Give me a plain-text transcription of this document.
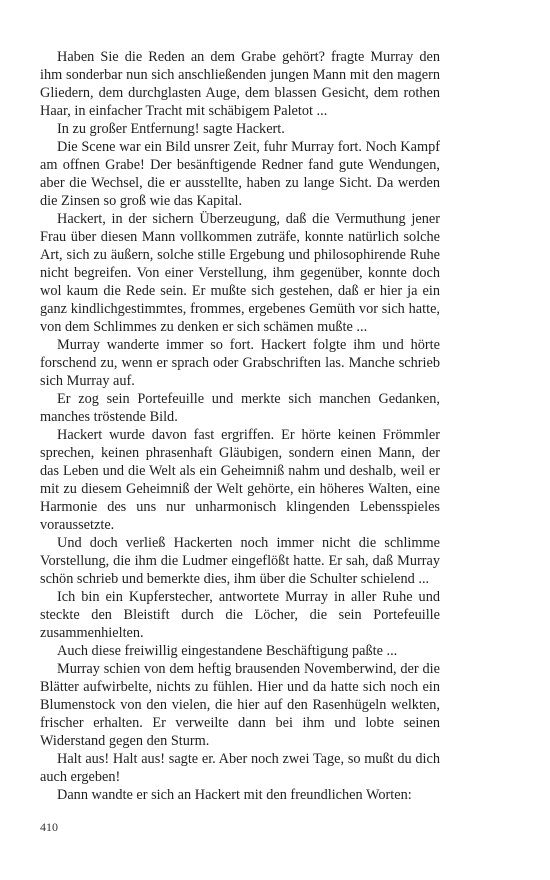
Haben Sie die Reden an dem Grabe gehört? fragte Murray den ihm sonderbar nun sich anschließenden jungen Mann mit den magern Gliedern, dem durchglasten Auge, dem blassen Gesicht, dem rothen Haar, in einfacher Tracht mit schäbigem Paletot ...

In zu großer Entfernung! sagte Hackert.

Die Scene war ein Bild unsrer Zeit, fuhr Murray fort. Noch Kampf am offnen Grabe! Der besänftigende Redner fand gute Wendungen, aber die Wechsel, die er ausstellte, haben zu lange Sicht. Da werden die Zinsen so groß wie das Kapital.

Hackert, in der sichern Überzeugung, daß die Vermuthung jener Frau über diesen Mann vollkommen zuträfe, konnte natürlich solche Art, sich zu äußern, solche stille Ergebung und philosophirende Ruhe nicht begreifen. Von einer Verstellung, ihm gegenüber, konnte doch wol kaum die Rede sein. Er mußte sich gestehen, daß er hier ja ein ganz kindlichgestimmtes, frommes, ergebenes Gemüth vor sich hatte, von dem Schlimmes zu denken er sich schämen mußte ...

Murray wanderte immer so fort. Hackert folgte ihm und hörte forschend zu, wenn er sprach oder Grabschriften las. Manche schrieb sich Murray auf.

Er zog sein Portefeuille und merkte sich manchen Gedanken, manches tröstende Bild.

Hackert wurde davon fast ergriffen. Er hörte keinen Frömmler sprechen, keinen phrasenhaft Gläubigen, sondern einen Mann, der das Leben und die Welt als ein Geheimniß nahm und deshalb, weil er mit zu diesem Geheimniß der Welt gehörte, ein höheres Walten, eine Harmonie des uns nur unharmonisch klingenden Lebensspieles voraussetzte.

Und doch verließ Hackerten noch immer nicht die schlimme Vorstellung, die ihm die Ludmer eingeflößt hatte. Er sah, daß Murray schön schrieb und bemerkte dies, ihm über die Schulter schielend ...

Ich bin ein Kupferstecher, antwortete Murray in aller Ruhe und steckte den Bleistift durch die Löcher, die sein Portefeuille zusammenhielten.

Auch diese freiwillig eingestandene Beschäftigung paßte ...

Murray schien von dem heftig brausenden Novemberwind, der die Blätter aufwirbelte, nichts zu fühlen. Hier und da hatte sich noch ein Blumenstock von den vielen, die hier auf den Rasenhügeln welkten, frischer erhalten. Er verweilte dann bei ihm und lobte seinen Widerstand gegen den Sturm.

Halt aus! Halt aus! sagte er. Aber noch zwei Tage, so mußt du dich auch ergeben!

Dann wandte er sich an Hackert mit den freundlichen Worten:

410
